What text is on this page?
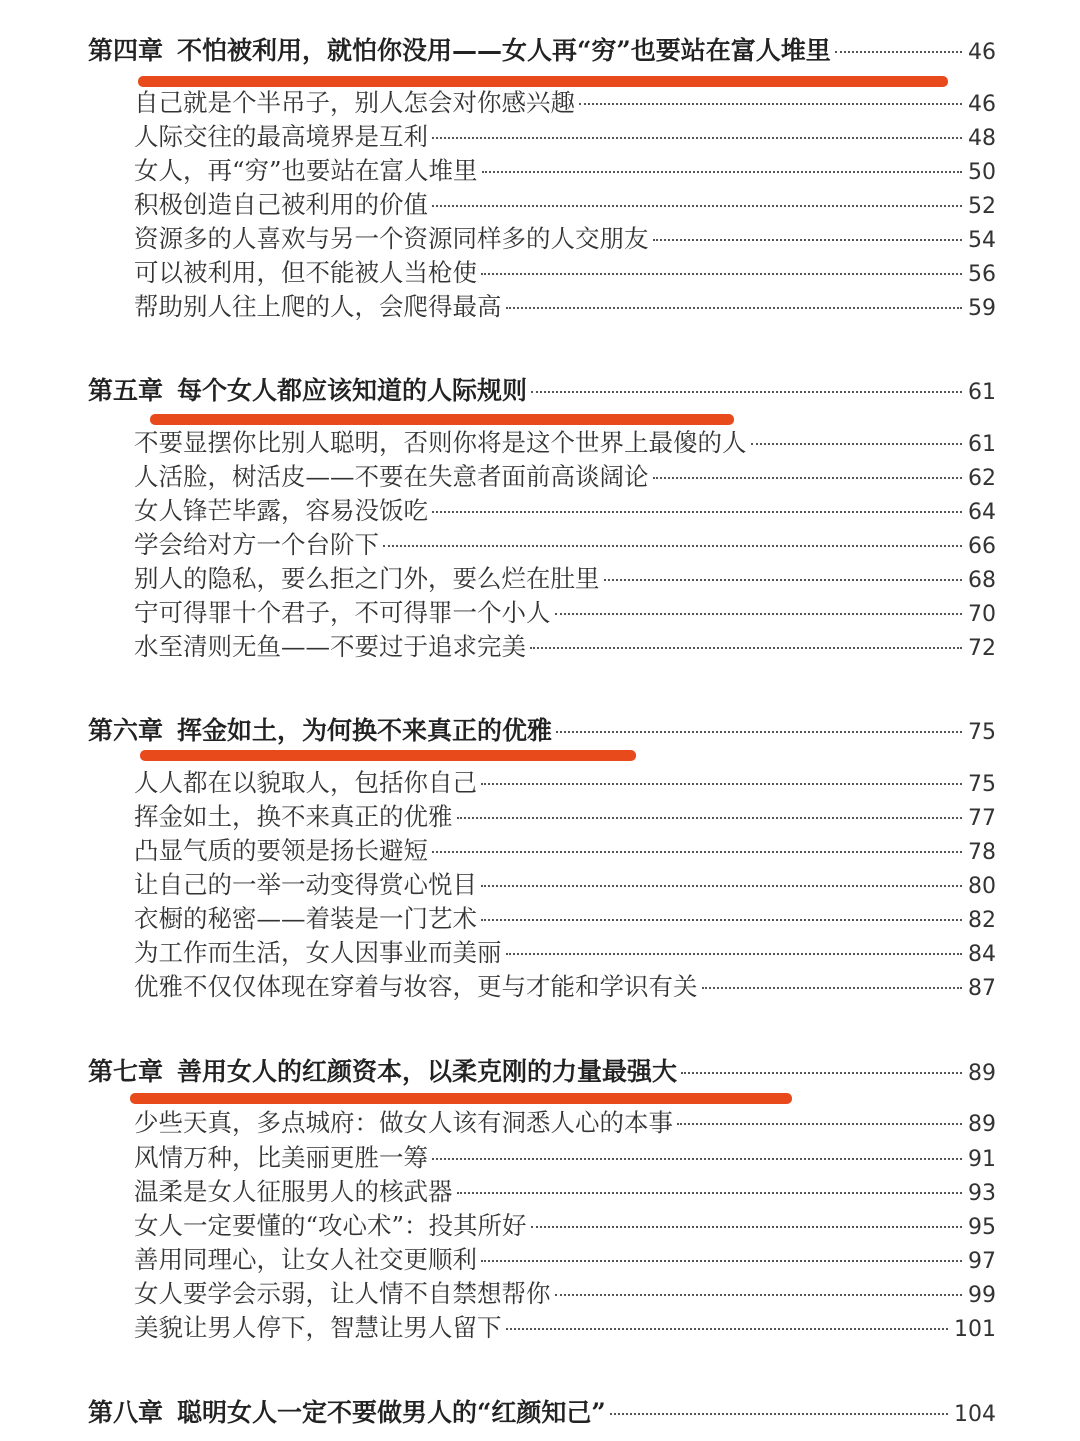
第四章 不怕被利用，就怕你没用——女人再“穷”也要站在富人堆里	46
自己就是个半吊子，别人怎会对你感兴趣	46
人际交往的最高境界是互利	48
女人，再“穷”也要站在富人堆里	50
积极创造自己被利用的价值	52
资源多的人喜欢与另一个资源同样多的人交朋友	54
可以被利用，但不能被人当枪使	56
帮助别人往上爬的人，会爬得最高	59
第五章 每个女人都应该知道的人际规则	61
不要显摆你比别人聪明，否则你将是这个世界上最傻的人	61
人活脸，树活皮——不要在失意者面前高谈阔论	62
女人锋芒毕露，容易没饭吃	64
学会给对方一个台阶下	66
别人的隐私，要么拒之门外，要么烂在肚里	68
宁可得罪十个君子，不可得罪一个小人	70
水至清则无鱼——不要过于追求完美	72
第六章 挥金如土，为何换不来真正的优雅	75
人人都在以貌取人，包括你自己	75
挥金如土，换不来真正的优雅	77
凸显气质的要领是扬长避短	78
让自己的一举一动变得赏心悦目	80
衣橱的秘密——着装是一门艺术	82
为工作而生活，女人因事业而美丽	84
优雅不仅仅体现在穿着与妆容，更与才能和学识有关	87
第七章 善用女人的红颜资本，以柔克刚的力量最强大	89
少些天真，多点城府：做女人该有洞悉人心的本事	89
风情万种，比美丽更胜一筹	91
温柔是女人征服男人的核武器	93
女人一定要懂的“攻心术”：投其所好	95
善用同理心，让女人社交更顺利	97
女人要学会示弱，让人情不自禁想帮你	99
美貌让男人停下，智慧让男人留下	101
第八章 聪明女人一定不要做男人的“红颜知己”	104
